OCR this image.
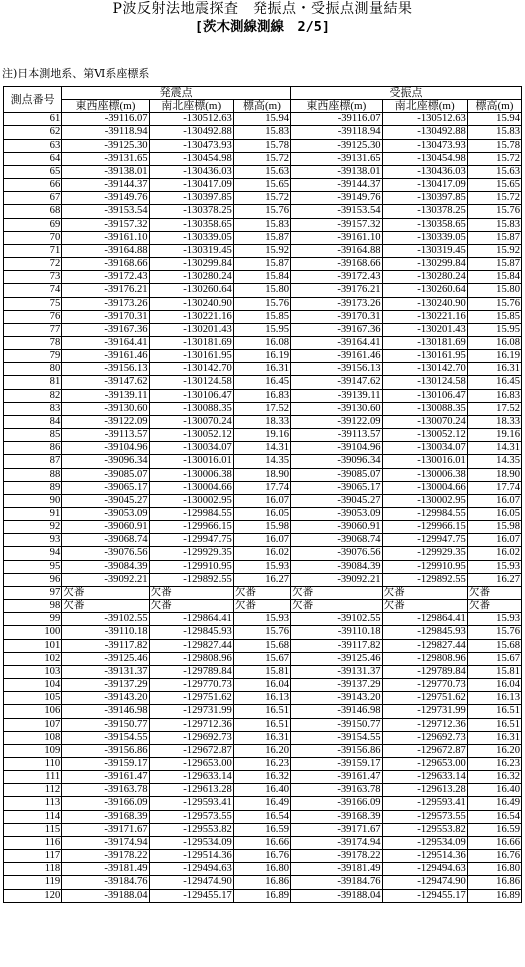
P波反射法地震探査　発振点・受振点測量結果
[茨木測線測線　2/5]
注)日本測地系、第Ⅵ系座標系
測点番号	発震点			受振点		
	東西座標(m)	南北座標(m)	標高(m)	東西座標(m)	南北座標(m)	標高(m)
61	-39116.07	-130512.63	15.94	-39116.07	-130512.63	15.94
62	-39118.94	-130492.88	15.83	-39118.94	-130492.88	15.83
63	-39125.30	-130473.93	15.78	-39125.30	-130473.93	15.78
64	-39131.65	-130454.98	15.72	-39131.65	-130454.98	15.72
65	-39138.01	-130436.03	15.63	-39138.01	-130436.03	15.63
66	-39144.37	-130417.09	15.65	-39144.37	-130417.09	15.65
67	-39149.76	-130397.85	15.72	-39149.76	-130397.85	15.72
68	-39153.54	-130378.25	15.76	-39153.54	-130378.25	15.76
69	-39157.32	-130358.65	15.83	-39157.32	-130358.65	15.83
70	-39161.10	-130339.05	15.87	-39161.10	-130339.05	15.87
71	-39164.88	-130319.45	15.92	-39164.88	-130319.45	15.92
72	-39168.66	-130299.84	15.87	-39168.66	-130299.84	15.87
73	-39172.43	-130280.24	15.84	-39172.43	-130280.24	15.84
74	-39176.21	-130260.64	15.80	-39176.21	-130260.64	15.80
75	-39173.26	-130240.90	15.76	-39173.26	-130240.90	15.76
76	-39170.31	-130221.16	15.85	-39170.31	-130221.16	15.85
77	-39167.36	-130201.43	15.95	-39167.36	-130201.43	15.95
78	-39164.41	-130181.69	16.08	-39164.41	-130181.69	16.08
79	-39161.46	-130161.95	16.19	-39161.46	-130161.95	16.19
80	-39156.13	-130142.70	16.31	-39156.13	-130142.70	16.31
81	-39147.62	-130124.58	16.45	-39147.62	-130124.58	16.45
82	-39139.11	-130106.47	16.83	-39139.11	-130106.47	16.83
83	-39130.60	-130088.35	17.52	-39130.60	-130088.35	17.52
84	-39122.09	-130070.24	18.33	-39122.09	-130070.24	18.33
85	-39113.57	-130052.12	19.16	-39113.57	-130052.12	19.16
86	-39104.96	-130034.07	14.31	-39104.96	-130034.07	14.31
87	-39096.34	-130016.01	14.35	-39096.34	-130016.01	14.35
88	-39085.07	-130006.38	18.90	-39085.07	-130006.38	18.90
89	-39065.17	-130004.66	17.74	-39065.17	-130004.66	17.74
90	-39045.27	-130002.95	16.07	-39045.27	-130002.95	16.07
91	-39053.09	-129984.55	16.05	-39053.09	-129984.55	16.05
92	-39060.91	-129966.15	15.98	-39060.91	-129966.15	15.98
93	-39068.74	-129947.75	16.07	-39068.74	-129947.75	16.07
94	-39076.56	-129929.35	16.02	-39076.56	-129929.35	16.02
95	-39084.39	-129910.95	15.93	-39084.39	-129910.95	15.93
96	-39092.21	-129892.55	16.27	-39092.21	-129892.55	16.27
97	欠番	欠番	欠番	欠番	欠番	欠番
98	欠番	欠番	欠番	欠番	欠番	欠番
99	-39102.55	-129864.41	15.93	-39102.55	-129864.41	15.93
100	-39110.18	-129845.93	15.76	-39110.18	-129845.93	15.76
101	-39117.82	-129827.44	15.68	-39117.82	-129827.44	15.68
102	-39125.46	-129808.96	15.67	-39125.46	-129808.96	15.67
103	-39131.37	-129789.84	15.81	-39131.37	-129789.84	15.81
104	-39137.29	-129770.73	16.04	-39137.29	-129770.73	16.04
105	-39143.20	-129751.62	16.13	-39143.20	-129751.62	16.13
106	-39146.98	-129731.99	16.51	-39146.98	-129731.99	16.51
107	-39150.77	-129712.36	16.51	-39150.77	-129712.36	16.51
108	-39154.55	-129692.73	16.31	-39154.55	-129692.73	16.31
109	-39156.86	-129672.87	16.20	-39156.86	-129672.87	16.20
110	-39159.17	-129653.00	16.23	-39159.17	-129653.00	16.23
111	-39161.47	-129633.14	16.32	-39161.47	-129633.14	16.32
112	-39163.78	-129613.28	16.40	-39163.78	-129613.28	16.40
113	-39166.09	-129593.41	16.49	-39166.09	-129593.41	16.49
114	-39168.39	-129573.55	16.54	-39168.39	-129573.55	16.54
115	-39171.67	-129553.82	16.59	-39171.67	-129553.82	16.59
116	-39174.94	-129534.09	16.66	-39174.94	-129534.09	16.66
117	-39178.22	-129514.36	16.76	-39178.22	-129514.36	16.76
118	-39181.49	-129494.63	16.80	-39181.49	-129494.63	16.80
119	-39184.76	-129474.90	16.86	-39184.76	-129474.90	16.86
120	-39188.04	-129455.17	16.89	-39188.04	-129455.17	16.89
